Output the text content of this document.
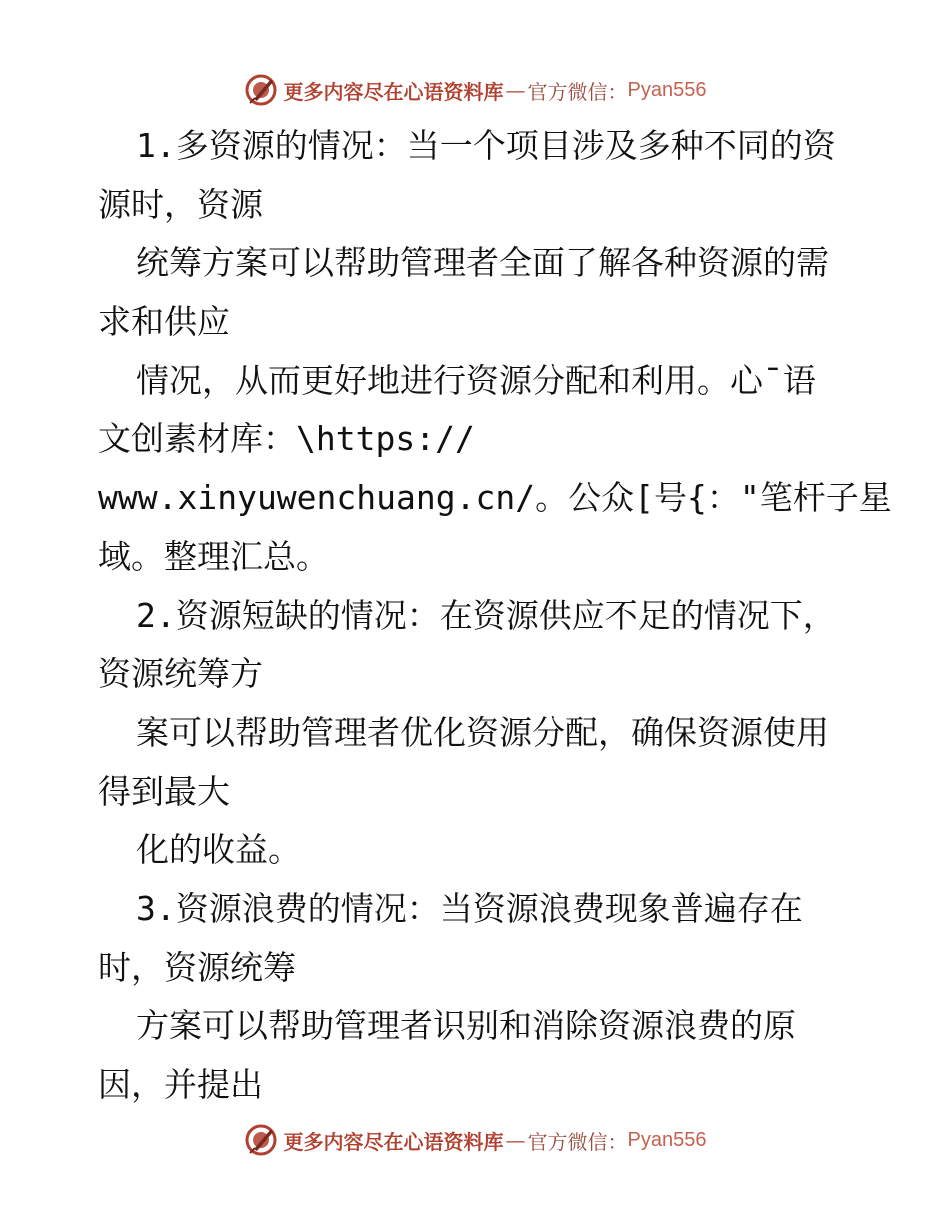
更多内容尽在心语资料库 — 官方微信： Pyan556
1.多资源的情况：当一个项目涉及多种不同的资
源时，资源
统筹方案可以帮助管理者全面了解各种资源的需
求和供应
情况，从而更好地进行资源分配和利用。心¯语
文创素材库：\https://
www.xinyuwenchuang.cn/。公众[号{："笔杆子星
域。整理汇总。
2.资源短缺的情况：在资源供应不足的情况下，
资源统筹方
案可以帮助管理者优化资源分配，确保资源使用
得到最大
化的收益。
3.资源浪费的情况：当资源浪费现象普遍存在
时，资源统筹
方案可以帮助管理者识别和消除资源浪费的原
因，并提出
更多内容尽在心语资料库 — 官方微信： Pyan556
